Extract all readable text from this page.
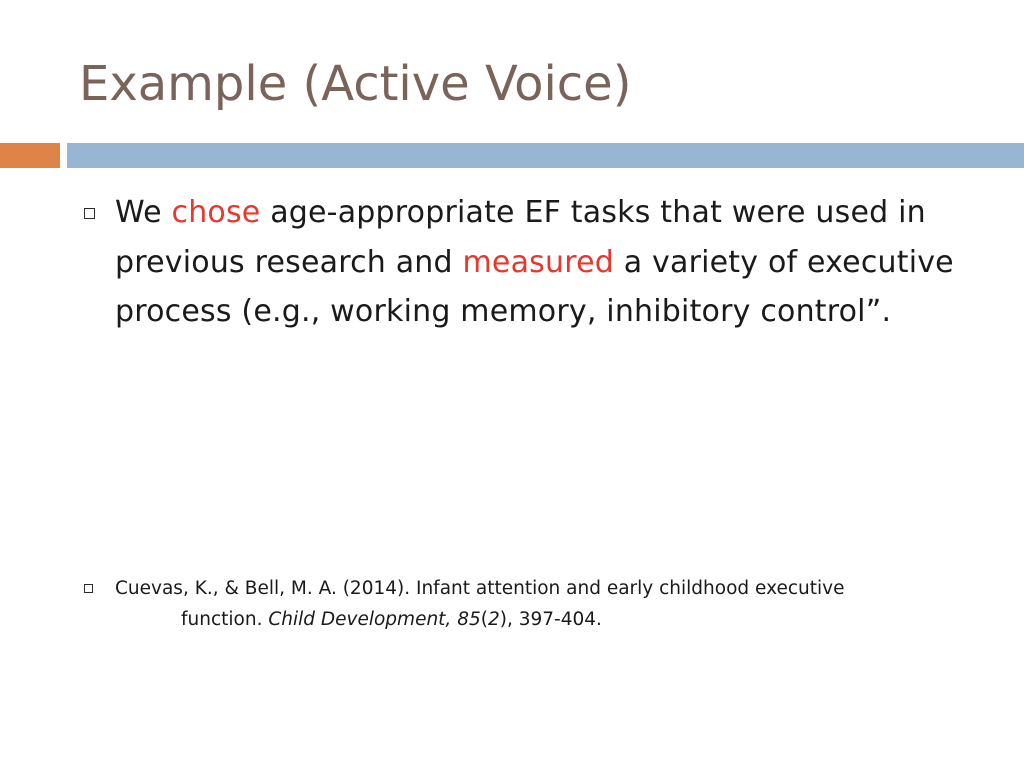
Example (Active Voice)

We chose age-appropriate EF tasks that were used in previous research and measured a variety of executive process (e.g., working memory, inhibitory control”.

Cuevas, K., & Bell, M. A. (2014). Infant attention and early childhood executive
function. Child Development, 85(2), 397-404.
